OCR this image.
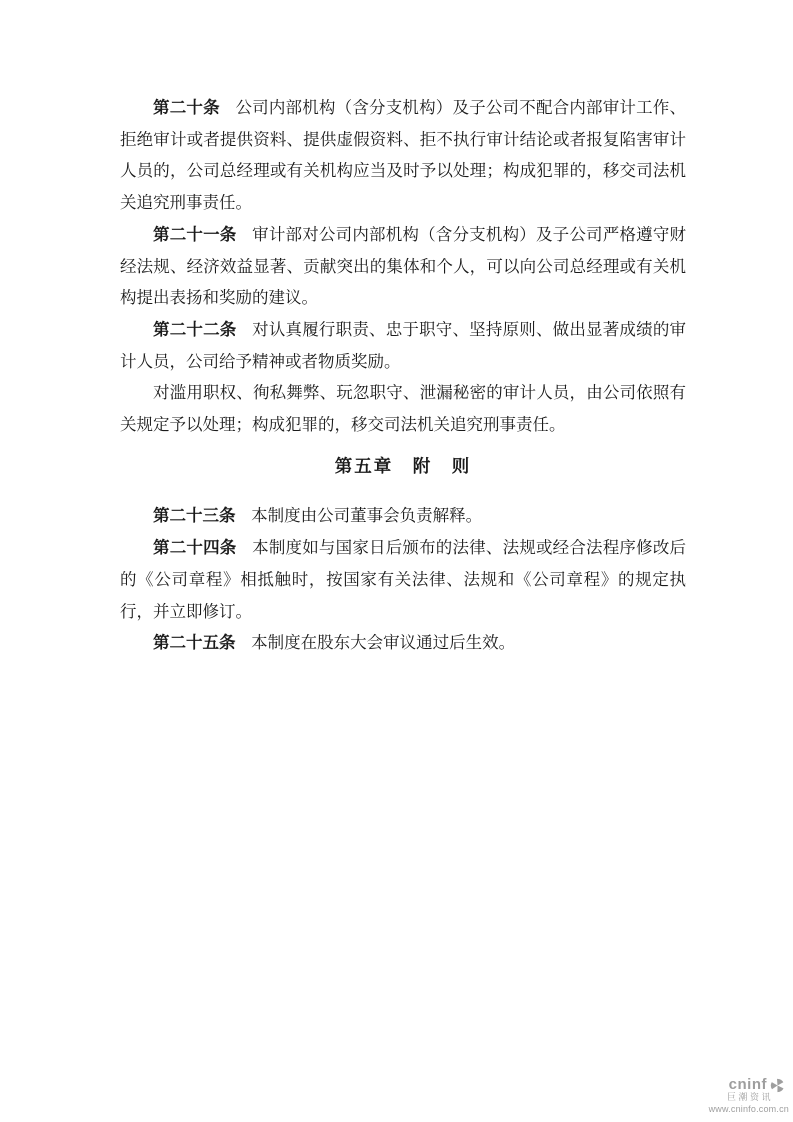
第二十条 公司内部机构（含分支机构）及子公司不配合内部审计工作、拒绝审计或者提供资料、提供虚假资料、拒不执行审计结论或者报复陷害审计人员的，公司总经理或有关机构应当及时予以处理；构成犯罪的，移交司法机关追究刑事责任。

第二十一条 审计部对公司内部机构（含分支机构）及子公司严格遵守财经法规、经济效益显著、贡献突出的集体和个人，可以向公司总经理或有关机构提出表扬和奖励的建议。

第二十二条 对认真履行职责、忠于职守、坚持原则、做出显著成绩的审计人员，公司给予精神或者物质奖励。

对滥用职权、徇私舞弊、玩忽职守、泄漏秘密的审计人员，由公司依照有关规定予以处理；构成犯罪的，移交司法机关追究刑事责任。

第五章　附　则

第二十三条 本制度由公司董事会负责解释。

第二十四条 本制度如与国家日后颁布的法律、法规或经合法程序修改后的《公司章程》相抵触时，按国家有关法律、法规和《公司章程》的规定执行，并立即修订。

第二十五条 本制度在股东大会审议通过后生效。

cninf
巨潮资讯
www.cninfo.com.cn
